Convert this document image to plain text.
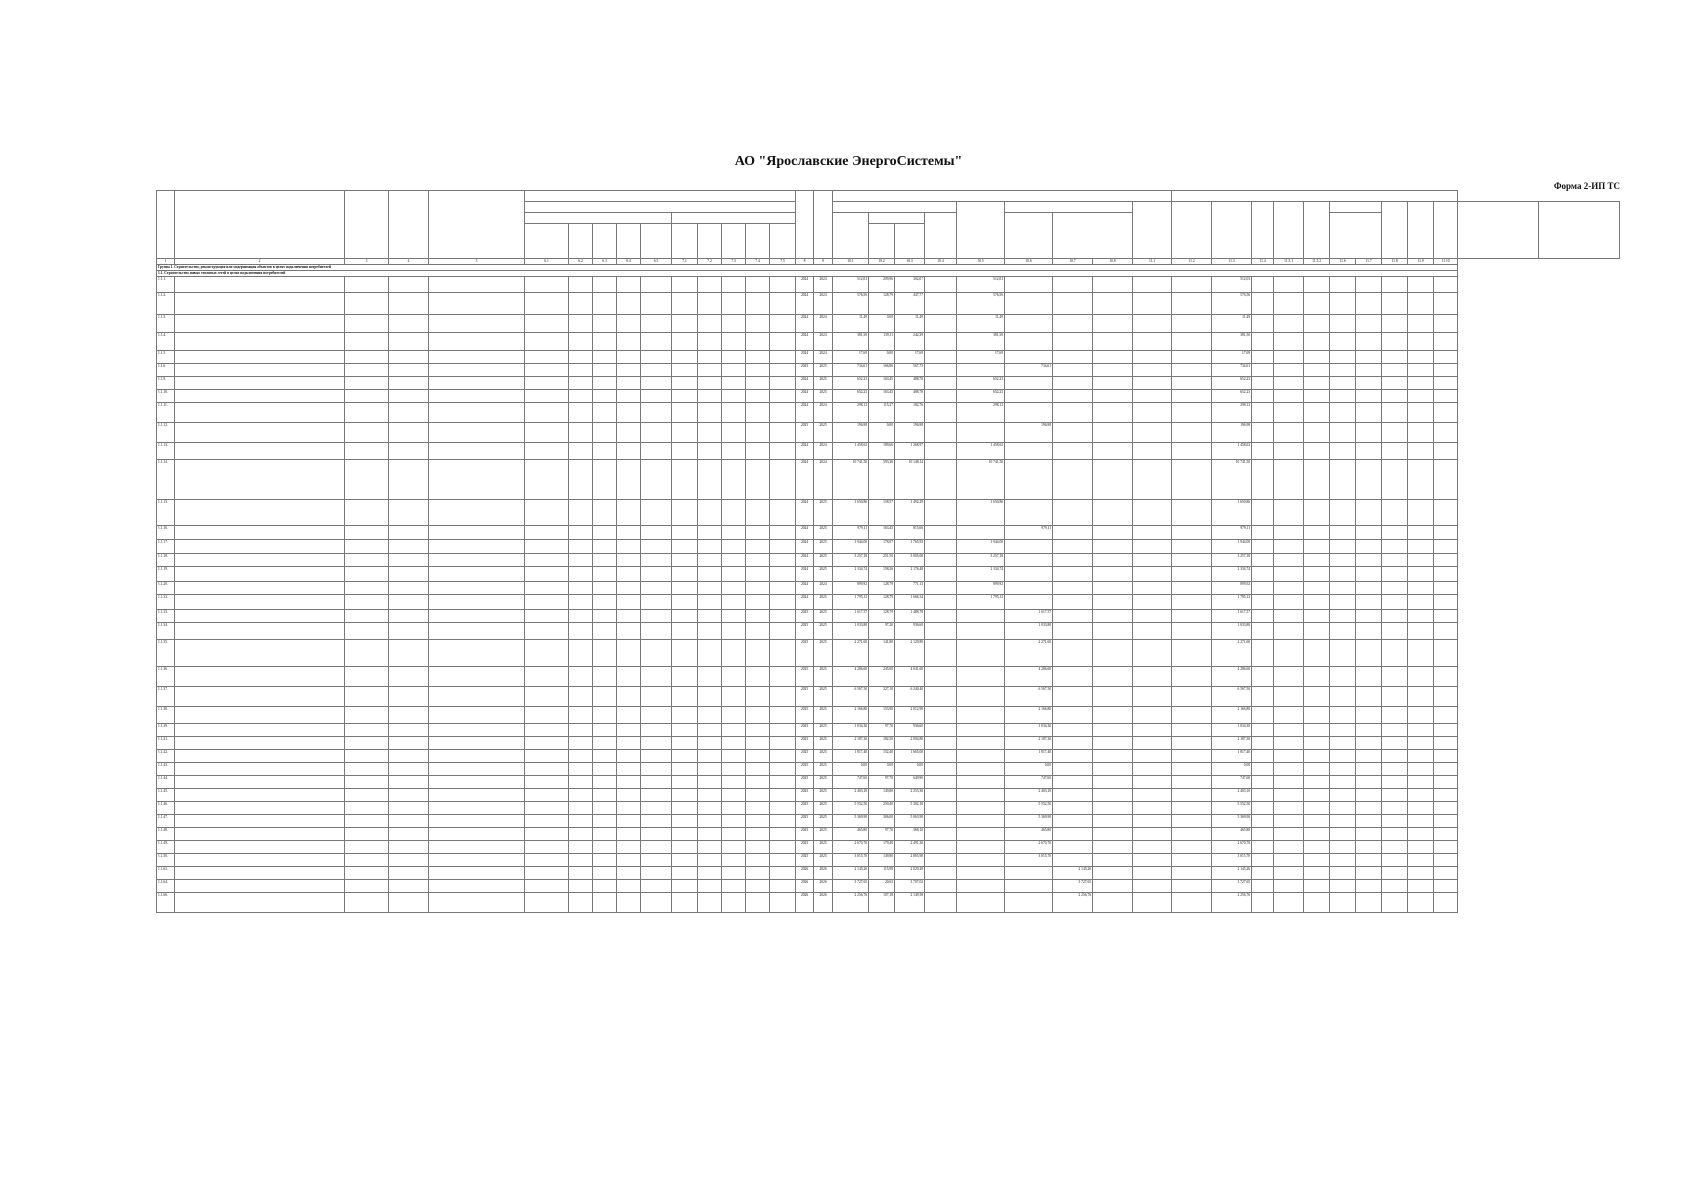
АО "Ярославские ЭнергоСистемы"
Форма 2-ИП ТС

1	2	3	4	5	6.1	6.2	6.3	6.4	6.5	7.1	7.2	7.3	7.4	7.5	8	9	10.1	10.2	10.3	10.4	10.5	10.6	10.7	10.8	11.1	11.2	11.3	11.4	11.5.1	11.5.2	11.6	11.7	11.8	11.9	11.10		
Группа 1. Строительство, реконструкция или модернизация объектов в целях подключения потребителей																																					
1.1. Строительство новых тепловых сетей в целях подключения потребителей																																					
1.1.1.															2024	2024	512,03	209,96	302,07		512,03						512,03										
1.1.2.															2024	2024	576,56	128,79	447,77		576,56						576,56										
1.1.3.															2024	2024	11,49	0,00	11,49		11,49						11,49										
1.1.4.															2024	2024	381,50	139,11	242,39		381,50						381,50										
1.1.5.															2024	2024	17,69	0,00	17,69		17,69						17,69										
1.1.6.															2025	2025	734,61	166,86	567,75			734,61					734,61										
1.1.9.															2024	2025	652,23	163,45	488,78		652,23						652,23										
1.1.10.															2024	2025	652,23	163,45	488,78		652,23						652,23										
1.1.11.															2024	2024	298,13	115,37	182,76		298,13						298,13										
1.1.12.															2025	2025	196,98	0,00	196,98			196,98					196,98										
1.1.13.															2024	2024	1 458,63	189,66	1 268,97		1 458,63						1 458,63										
1.1.14.															2024	2024	10 741,50	593,36	10 148,14		10 741,50						10 741,50										
1.1.15.															2024	2025	1 650,86	158,57	1 492,29		1 650,86						1 650,86										
1.1.16.															2024	2025	979,11	163,45	815,66			979,11					979,11										
1.1.17.															2024	2025	1 944,00	178,07	1 765,93		1 944,00						1 944,00										
1.1.18.															2024	2025	3 257,18	251,50	3 005,68		3 257,18						3 257,18										
1.1.19.															2024	2025	2 334,74	158,26	2 176,48		2 334,74						2 334,74										
1.1.20.															2024	2024	899,92	128,79	771,13		899,92						899,92										
1.1.32.															2024	2025	1 795,13	128,79	1 666,34		1 795,13						1 795,13										
1.1.33.															2025	2025	1 617,57	128,79	1 488,78			1 617,57					1 617,57										
1.1.34.															2025	2025	1 033,80	97,20	936,60			1 033,80					1 033,80										
1.1.35.															2025	2025	2 271,60	141,80	2 129,80			2 271,60					2 271,60										
1.1.36.															2025	2025	4 286,60	245,00	4 041,60			4 286,60					4 286,60										
1.1.37.															2025	2025	6 567,50	327,10	6 240,40			6 567,50					6 567,50										
1.1.38.															2025	2025	2 166,80	153,90	2 012,90			2 166,80					2 166,80										
1.1.39.															2025	2025	1 034,30	97,70	936,60			1 034,30					1 034,30										
1.1.41.															2025	2025	2 187,30	182,50	2 004,80			2 187,30					2 187,30										
1.1.42.															2025	2025	1 817,40	152,40	1 665,00			1 817,40					1 817,40										
1.1.43.															2025	2025	0,00	0,00	0,00			0,00					0,00										
1.1.44.															2025	2025	747,60	97,70	649,90			747,60					747,60										
1.1.45.															2025	2025	2 403,10	149,80	2 253,30			2 403,10					2 403,10										
1.1.46.															2025	2025	5 552,50	250,40	5 302,10			5 552,50					5 552,50										
1.1.47.															2025	2025	5 369,90	306,00	5 063,90			5 369,90					5 369,90										
1.1.48.															2025	2025	465,80	97,70	368,10			465,80					465,80										
1.1.49.															2025	2025	2 670,70	179,40	2 491,30			2 670,70					2 670,70										
1.1.50.															2025	2025	3 015,70	149,80	2 865,90			3 015,70					3 015,70										
1.1.63.															2026	2026	2 145,26	115,98	2 029,28				2 145,26				2 145,26										
1.1.64.															2026	2026	3 727,65	20,63	3 707,02				3 727,65				3 727,65										
1.1.66.															2026	2026	2 256,76	107,18	2 149,58				2 256,76				2 256,76										
